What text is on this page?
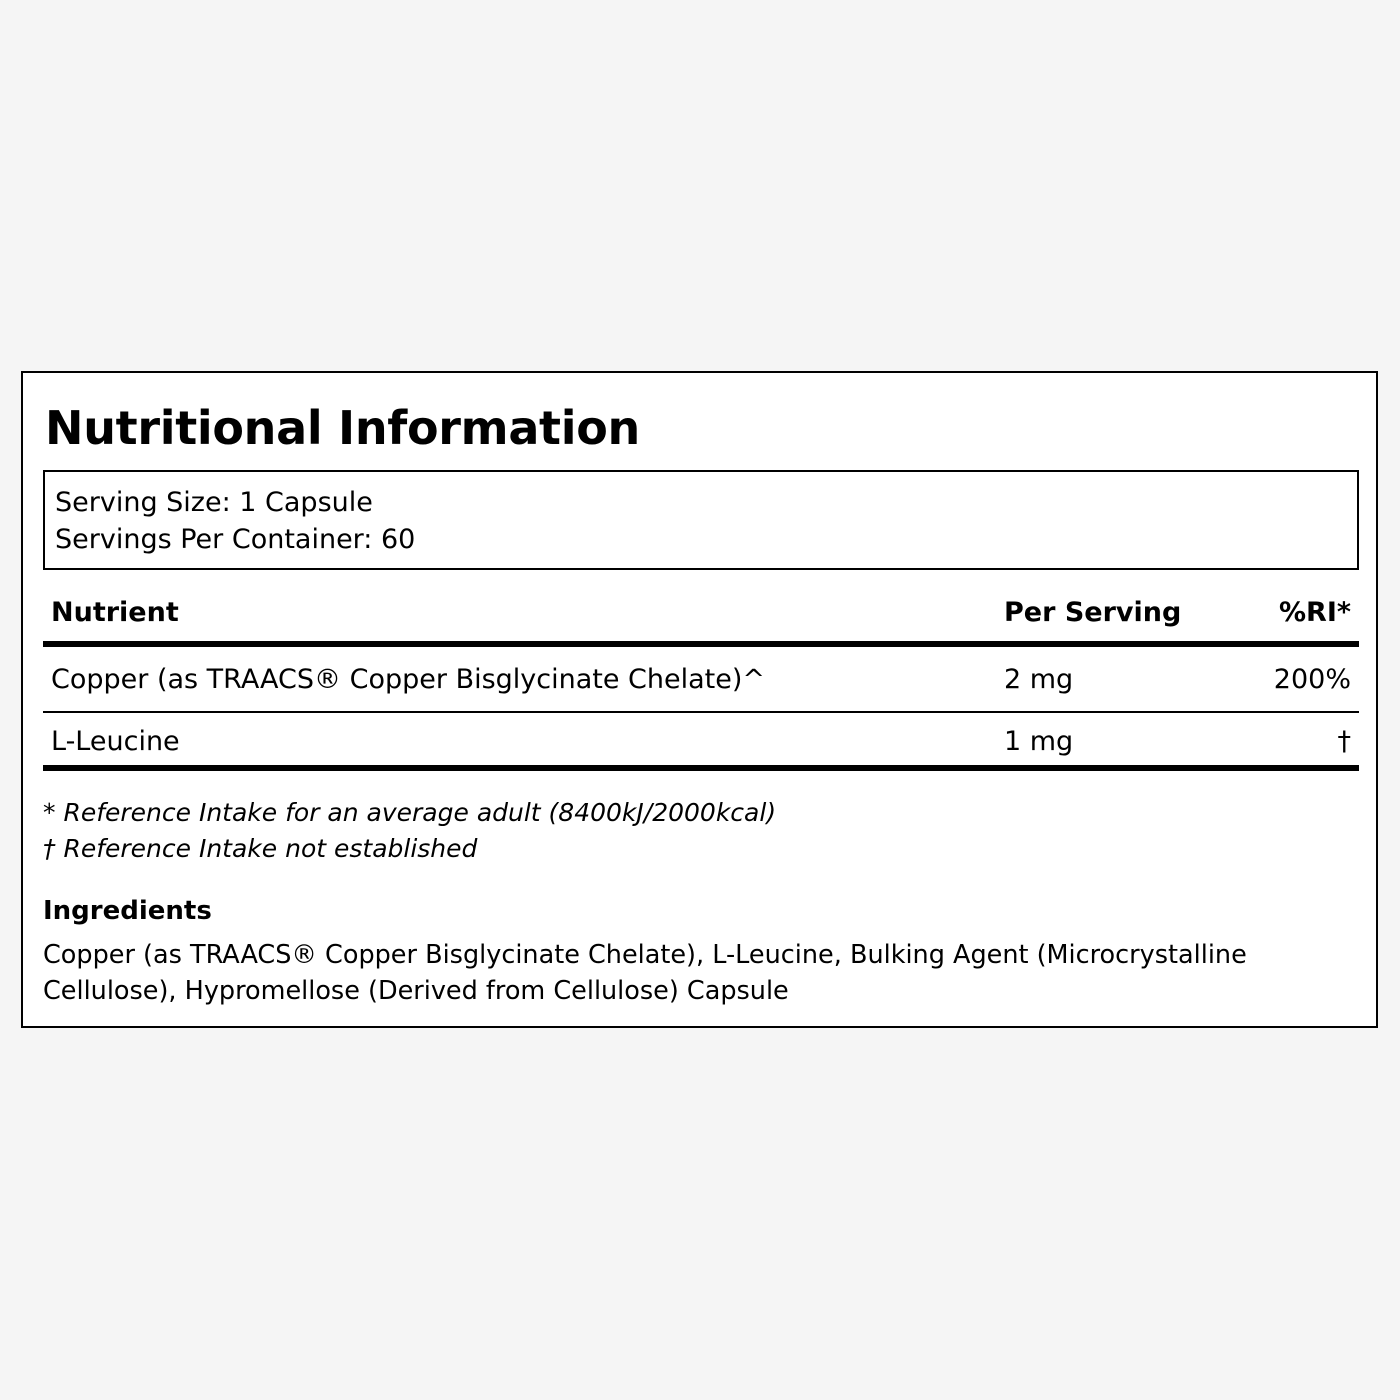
Nutritional Information
Serving Size: 1 Capsule
Servings Per Container: 60
Nutrient	Per Serving	%RI*
Copper (as TRAACS® Copper Bisglycinate Chelate)^	2 mg	200%
L-Leucine	1 mg	†
* Reference Intake for an average adult (8400kJ/2000kcal)
† Reference Intake not established
Ingredients

Copper (as TRAACS® Copper Bisglycinate Chelate), L-Leucine, Bulking Agent (Microcrystalline Cellulose), Hypromellose (Derived from Cellulose) Capsule
